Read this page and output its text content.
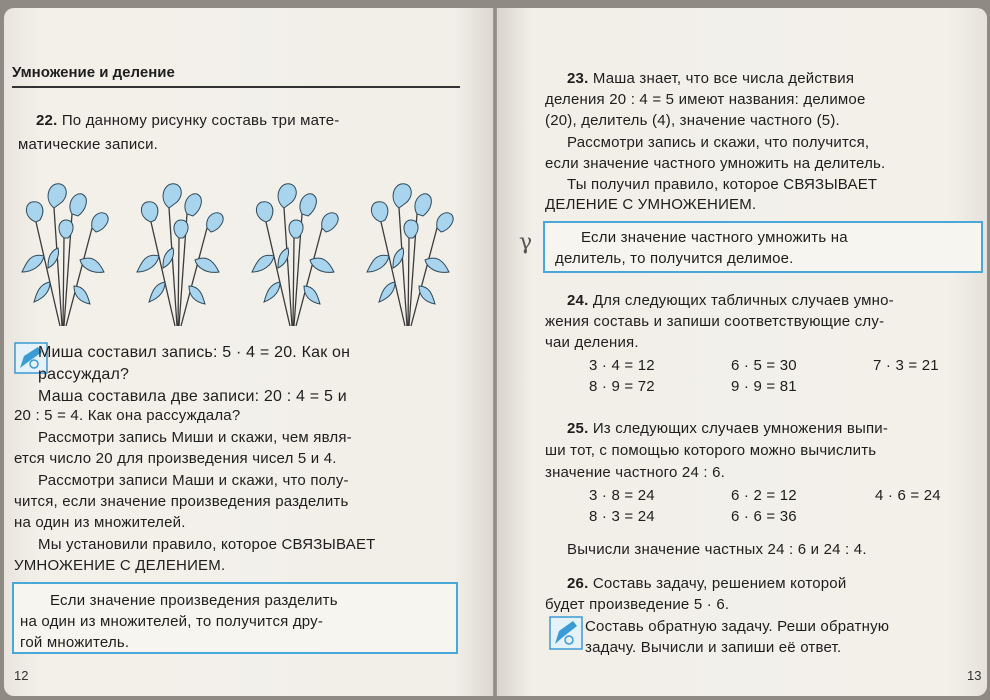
Умножение и деление
22. По данному рисунку составь три мате-
матические записи.
Миша составил запись: 5 · 4 = 20. Как он
рассуждал?
Маша составила две записи: 20 : 4 = 5 и
20 : 5 = 4. Как она рассуждала?
Рассмотри запись Миши и скажи, чем явля-
ется число 20 для произведения чисел 5 и 4.
Рассмотри записи Маши и скажи, что полу-
чится, если значение произведения разделить
на один из множителей.
Мы установили правило, которое СВЯЗЫВАЕТ
УМНОЖЕНИЕ С ДЕЛЕНИЕМ.
Если значение произведения разделить
на один из множителей, то получится дру-
гой множитель.
12
23. Маша знает, что все числа действия
деления 20 : 4 = 5 имеют названия: делимое
(20), делитель (4), значение частного (5).
Рассмотри запись и скажи, что получится,
если значение частного умножить на делитель.
Ты получил правило, которое СВЯЗЫВАЕТ
ДЕЛЕНИЕ С УМНОЖЕНИЕМ.
Если значение частного умножить на
делитель, то получится делимое.
γ
24. Для следующих табличных случаев умно-
жения составь и запиши соответствующие слу-
чаи деления.
3 · 4 = 12	6 · 5 = 30	7 · 3 = 21
8 · 9 = 72	9 · 9 = 81
25. Из следующих случаев умножения выпи-
ши тот, с помощью которого можно вычислить
значение частного 24 : 6.
3 · 8 = 24	6 · 2 = 12	4 · 6 = 24
8 · 3 = 24	6 · 6 = 36
Вычисли значение частных 24 : 6 и 24 : 4.
26. Составь задачу, решением которой
будет произведение 5 · 6.
Составь обратную задачу. Реши обратную
задачу. Вычисли и запиши её ответ.
13
